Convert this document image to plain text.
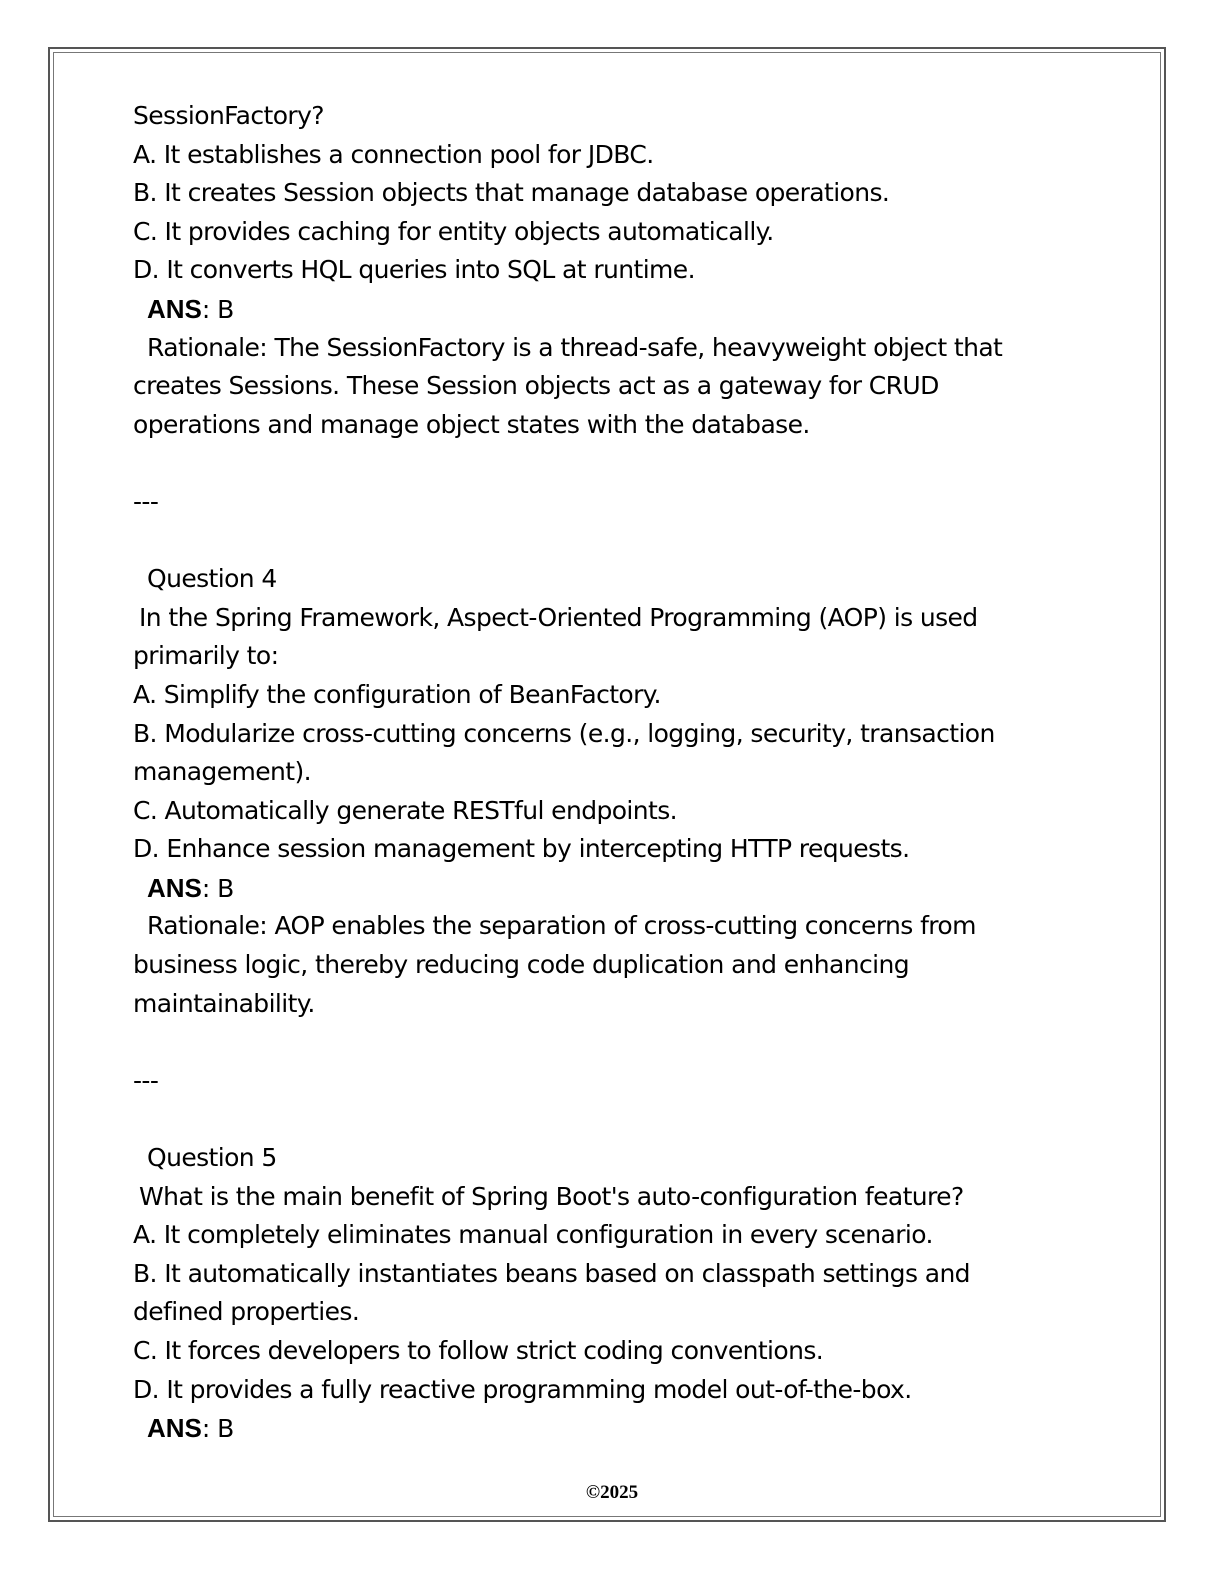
SessionFactory?
A. It establishes a connection pool for JDBC.
B. It creates Session objects that manage database operations.
C. It provides caching for entity objects automatically.
D. It converts HQL queries into SQL at runtime.
ANS: B
Rationale: The SessionFactory is a thread-safe, heavyweight object that
creates Sessions. These Session objects act as a gateway for CRUD
operations and manage object states with the database.
---
Question 4
In the Spring Framework, Aspect-Oriented Programming (AOP) is used
primarily to:
A. Simplify the configuration of BeanFactory.
B. Modularize cross-cutting concerns (e.g., logging, security, transaction
management).
C. Automatically generate RESTful endpoints.
D. Enhance session management by intercepting HTTP requests.
ANS: B
Rationale: AOP enables the separation of cross-cutting concerns from
business logic, thereby reducing code duplication and enhancing
maintainability.
---
Question 5
What is the main benefit of Spring Boot's auto-configuration feature?
A. It completely eliminates manual configuration in every scenario.
B. It automatically instantiates beans based on classpath settings and
defined properties.
C. It forces developers to follow strict coding conventions.
D. It provides a fully reactive programming model out-of-the-box.
ANS: B
©2025
